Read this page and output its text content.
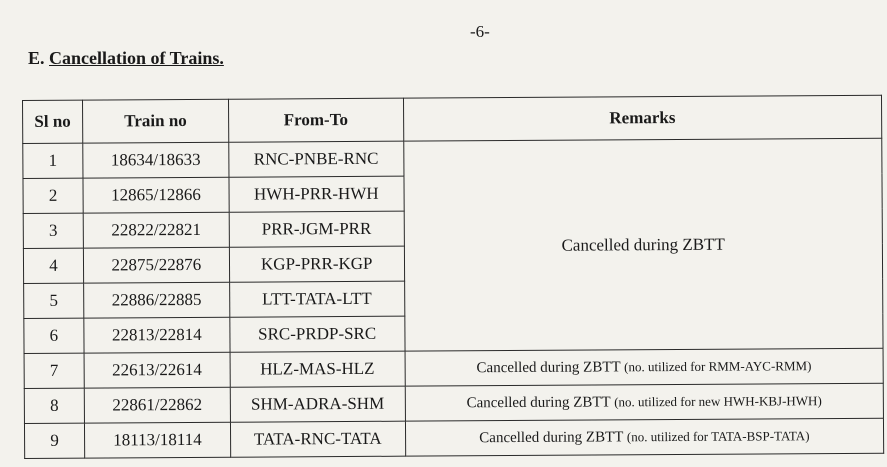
-6-
E. Cancellation of Trains.
Sl no	Train no	From-To	Remarks
1	18634/18633	RNC-PNBE-RNC	Cancelled during ZBTT
2	12865/12866	HWH-PRR-HWH	
3	22822/22821	PRR-JGM-PRR	
4	22875/22876	KGP-PRR-KGP	
5	22886/22885	LTT-TATA-LTT	
6	22813/22814	SRC-PRDP-SRC	
7	22613/22614	HLZ-MAS-HLZ	Cancelled during ZBTT (no. utilized for RMM-AYC-RMM)
8	22861/22862	SHM-ADRA-SHM	Cancelled during ZBTT (no. utilized for new HWH-KBJ-HWH)
9	18113/18114	TATA-RNC-TATA	Cancelled during ZBTT (no. utilized for TATA-BSP-TATA)
